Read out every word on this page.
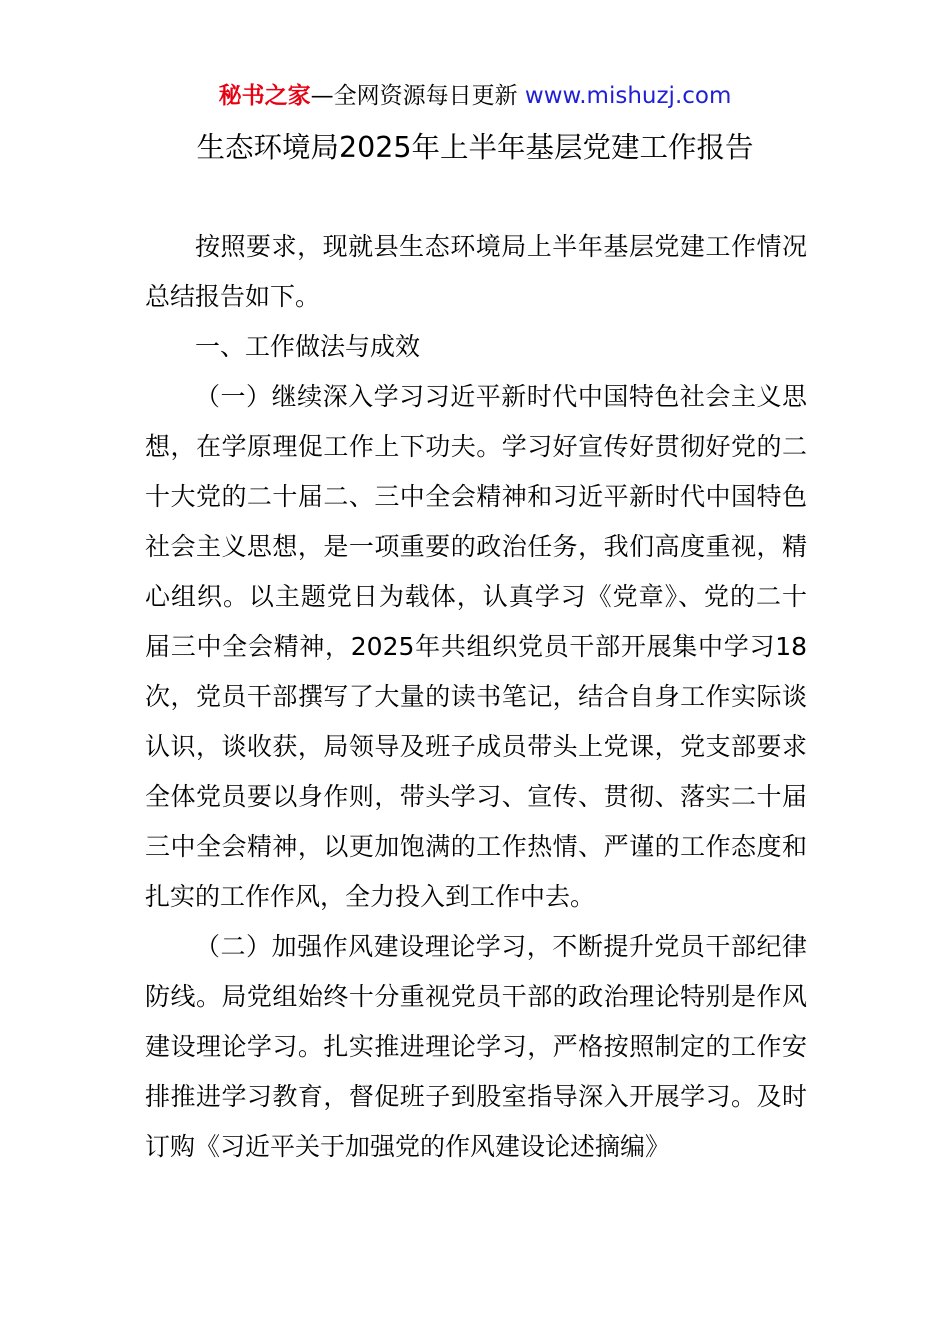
秘书之家—全网资源每日更新 www.mishuzj.com
生态环境局2025年上半年基层党建工作报告

按照要求，现就县生态环境局上半年基层党建工作情况总结报告如下。

一、工作做法与成效

（一）继续深入学习习近平新时代中国特色社会主义思想，在学原理促工作上下功夫。学习好宣传好贯彻好党的二十大党的二十届二、三中全会精神和习近平新时代中国特色社会主义思想，是一项重要的政治任务，我们高度重视，精心组织。以主题党日为载体，认真学习《党章》、党的二十届三中全会精神，2025年共组织党员干部开展集中学习18次，党员干部撰写了大量的读书笔记，结合自身工作实际谈认识，谈收获，局领导及班子成员带头上党课，党支部要求全体党员要以身作则，带头学习、宣传、贯彻、落实二十届三中全会精神，以更加饱满的工作热情、严谨的工作态度和扎实的工作作风，全力投入到工作中去。

（二）加强作风建设理论学习，不断提升党员干部纪律防线。局党组始终十分重视党员干部的政治理论特别是作风建设理论学习。扎实推进理论学习，严格按照制定的工作安排推进学习教育，督促班子到股室指导深入开展学习。及时订购《习近平关于加强党的作风建设论述摘编》
